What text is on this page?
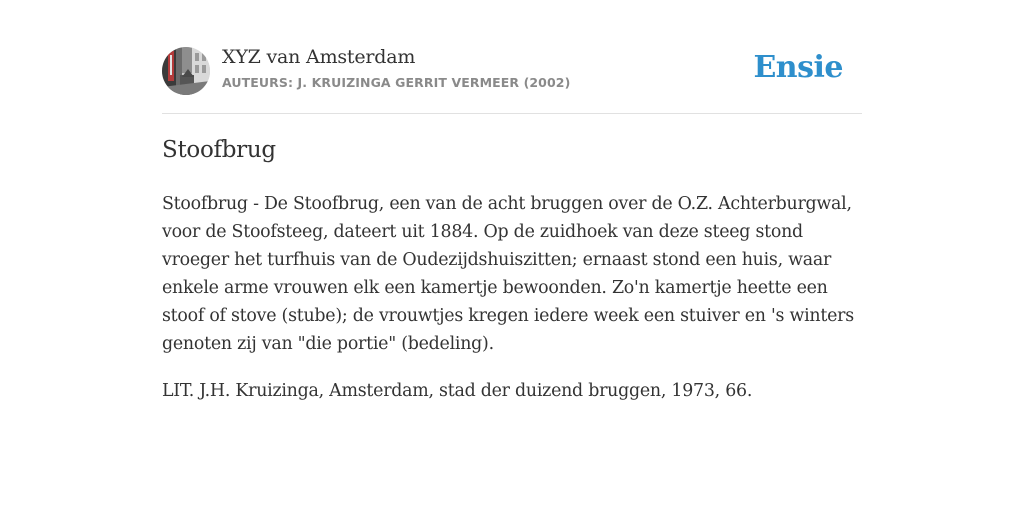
XYZ van Amsterdam
AUTEURS: J. KRUIZINGA GERRIT VERMEER (2002)	Ensie
Stoofbrug
Stoofbrug - De Stoofbrug, een van de acht bruggen over de O.Z. Achterburgwal,
voor de Stoofsteeg, dateert uit 1884. Op de zuidhoek van deze steeg stond
vroeger het turfhuis van de Oudezijdshuiszitten; ernaast stond een huis, waar
enkele arme vrouwen elk een kamertje bewoonden. Zo'n kamertje heette een
stoof of stove (stube); de vrouwtjes kregen iedere week een stuiver en 's winters
genoten zij van "die portie" (bedeling).
LIT. J.H. Kruizinga, Amsterdam, stad der duizend bruggen, 1973, 66.
